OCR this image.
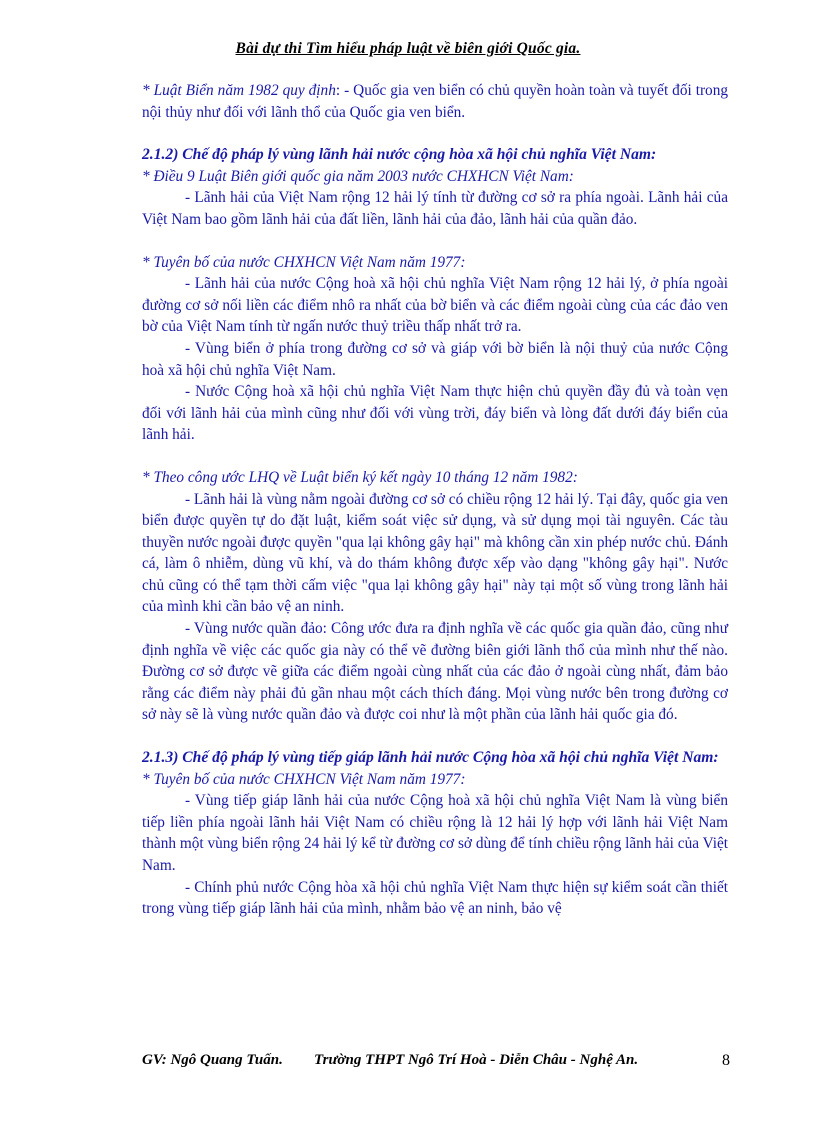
Bài dự thi Tìm hiểu pháp luật về biên giới Quốc gia.

* Luật Biển năm 1982 quy định: - Quốc gia ven biển có chủ quyền hoàn toàn và tuyết đối trong nội thủy như đối với lãnh thổ của Quốc gia ven biển.

2.1.2) Chế độ pháp lý vùng lãnh hải nước cộng hòa xã hội chủ nghĩa Việt Nam:

* Điều 9 Luật Biên giới quốc gia năm 2003 nước CHXHCN Việt Nam:

- Lãnh hải của Việt Nam rộng 12 hải lý tính từ đường cơ sở ra phía ngoài. Lãnh hải của Việt Nam bao gồm lãnh hải của đất liền, lãnh hải của đảo, lãnh hải của quần đảo.

* Tuyên bố của nước CHXHCN Việt Nam năm 1977:

- Lãnh hải của nước Cộng hoà xã hội chủ nghĩa Việt Nam rộng 12 hải lý, ở phía ngoài đường cơ sở nối liền các điểm nhô ra nhất của bờ biển và các điểm ngoài cùng của các đảo ven bờ của Việt Nam tính từ ngấn nước thuỷ triều thấp nhất trở ra.

- Vùng biển ở phía trong đường cơ sở và giáp với bờ biển là nội thuỷ của nước Cộng hoà xã hội chủ nghĩa Việt Nam.

- Nước Cộng hoà xã hội chủ nghĩa Việt Nam thực hiện chủ quyền đầy đủ và toàn vẹn đối với lãnh hải của mình cũng như đối với vùng trời, đáy biển và lòng đất dưới đáy biển của lãnh hải.

* Theo công ước LHQ về Luật biển ký kết ngày 10 tháng 12 năm 1982:

- Lãnh hải là vùng nằm ngoài đường cơ sở có chiều rộng 12 hải lý. Tại đây, quốc gia ven biển được quyền tự do đặt luật, kiểm soát việc sử dụng, và sử dụng mọi tài nguyên. Các tàu thuyền nước ngoài được quyền "qua lại không gây hại" mà không cần xin phép nước chủ. Đánh cá, làm ô nhiễm, dùng vũ khí, và do thám không được xếp vào dạng "không gây hại". Nước chủ cũng có thể tạm thời cấm việc "qua lại không gây hại" này tại một số vùng trong lãnh hải của mình khi cần bảo vệ an ninh.

- Vùng nước quần đảo: Công ước đưa ra định nghĩa về các quốc gia quần đảo, cũng như định nghĩa về việc các quốc gia này có thể vẽ đường biên giới lãnh thổ của mình như thế nào. Đường cơ sở được vẽ giữa các điểm ngoài cùng nhất của các đảo ở ngoài cùng nhất, đảm bảo rằng các điểm này phải đủ gần nhau một cách thích đáng. Mọi vùng nước bên trong đường cơ sở này sẽ là vùng nước quần đảo và được coi như là một phần của lãnh hải quốc gia đó.

2.1.3) Chế độ pháp lý vùng tiếp giáp lãnh hải nước Cộng hòa xã hội chủ nghĩa Việt Nam:

* Tuyên bố của nước CHXHCN Việt Nam năm 1977:

- Vùng tiếp giáp lãnh hải của nước Cộng hoà xã hội chủ nghĩa Việt Nam là vùng biển tiếp liền phía ngoài lãnh hải Việt Nam có chiều rộng là 12 hải lý hợp với lãnh hải Việt Nam thành một vùng biển rộng 24 hải lý kể từ đường cơ sở dùng để tính chiều rộng lãnh hải của Việt Nam.

- Chính phủ nước Cộng hòa xã hội chủ nghĩa Việt Nam thực hiện sự kiểm soát cần thiết trong vùng tiếp giáp lãnh hải của mình, nhằm bảo vệ an ninh, bảo vệ

GV: Ngô Quang Tuấn.	Trường THPT Ngô Trí Hoà - Diễn Châu - Nghệ An.	8
